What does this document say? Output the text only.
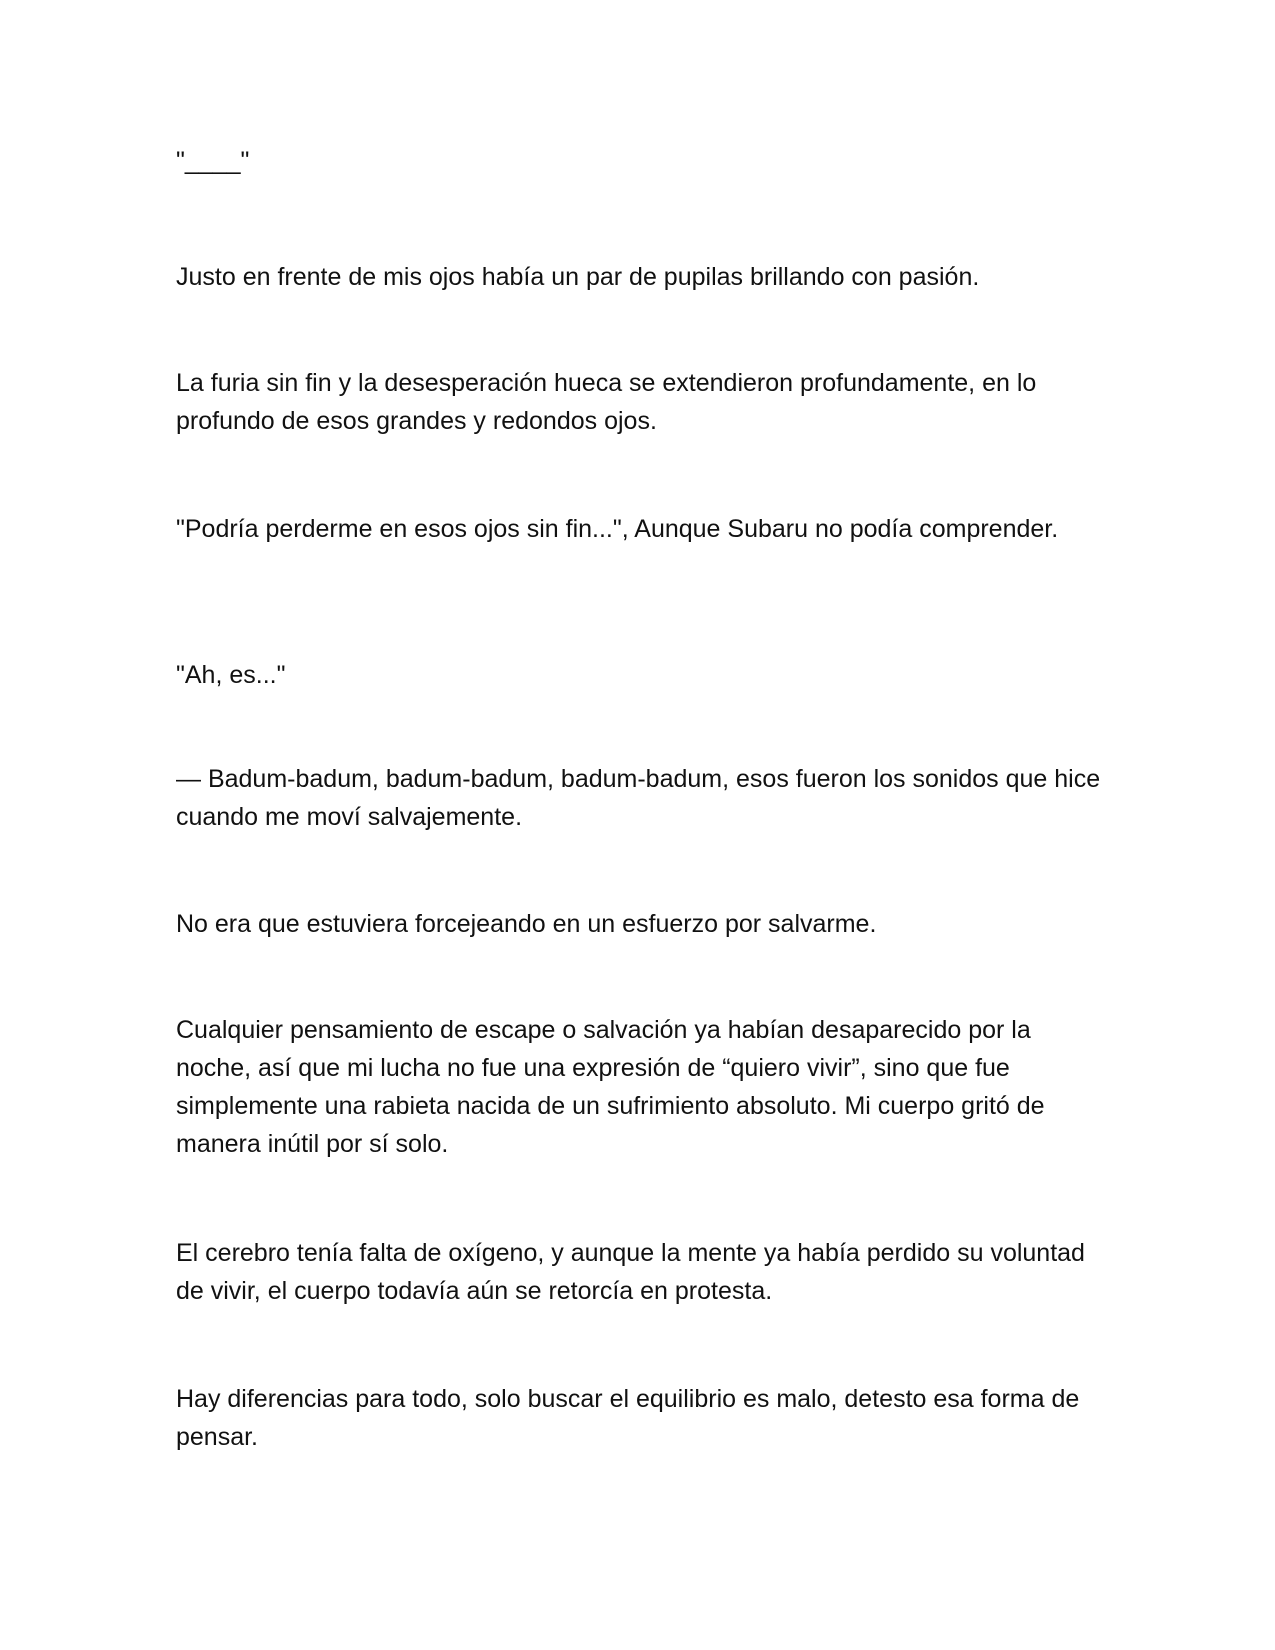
"____"

Justo en frente de mis ojos había un par de pupilas brillando con pasión.

La furia sin fin y la desesperación hueca se extendieron profundamente, en lo profundo de esos grandes y redondos ojos.

"Podría perderme en esos ojos sin fin...", Aunque Subaru no podía comprender.

"Ah, es..."

— Badum-badum, badum-badum, badum-badum, esos fueron los sonidos que hice cuando me moví salvajemente.

No era que estuviera forcejeando en un esfuerzo por salvarme.

Cualquier pensamiento de escape o salvación ya habían desaparecido por la noche, así que mi lucha no fue una expresión de “quiero vivir”, sino que fue simplemente una rabieta nacida de un sufrimiento absoluto. Mi cuerpo gritó de manera inútil por sí solo.

El cerebro tenía falta de oxígeno, y aunque la mente ya había perdido su voluntad de vivir, el cuerpo todavía aún se retorcía en protesta.

Hay diferencias para todo, solo buscar el equilibrio es malo, detesto esa forma de pensar.
